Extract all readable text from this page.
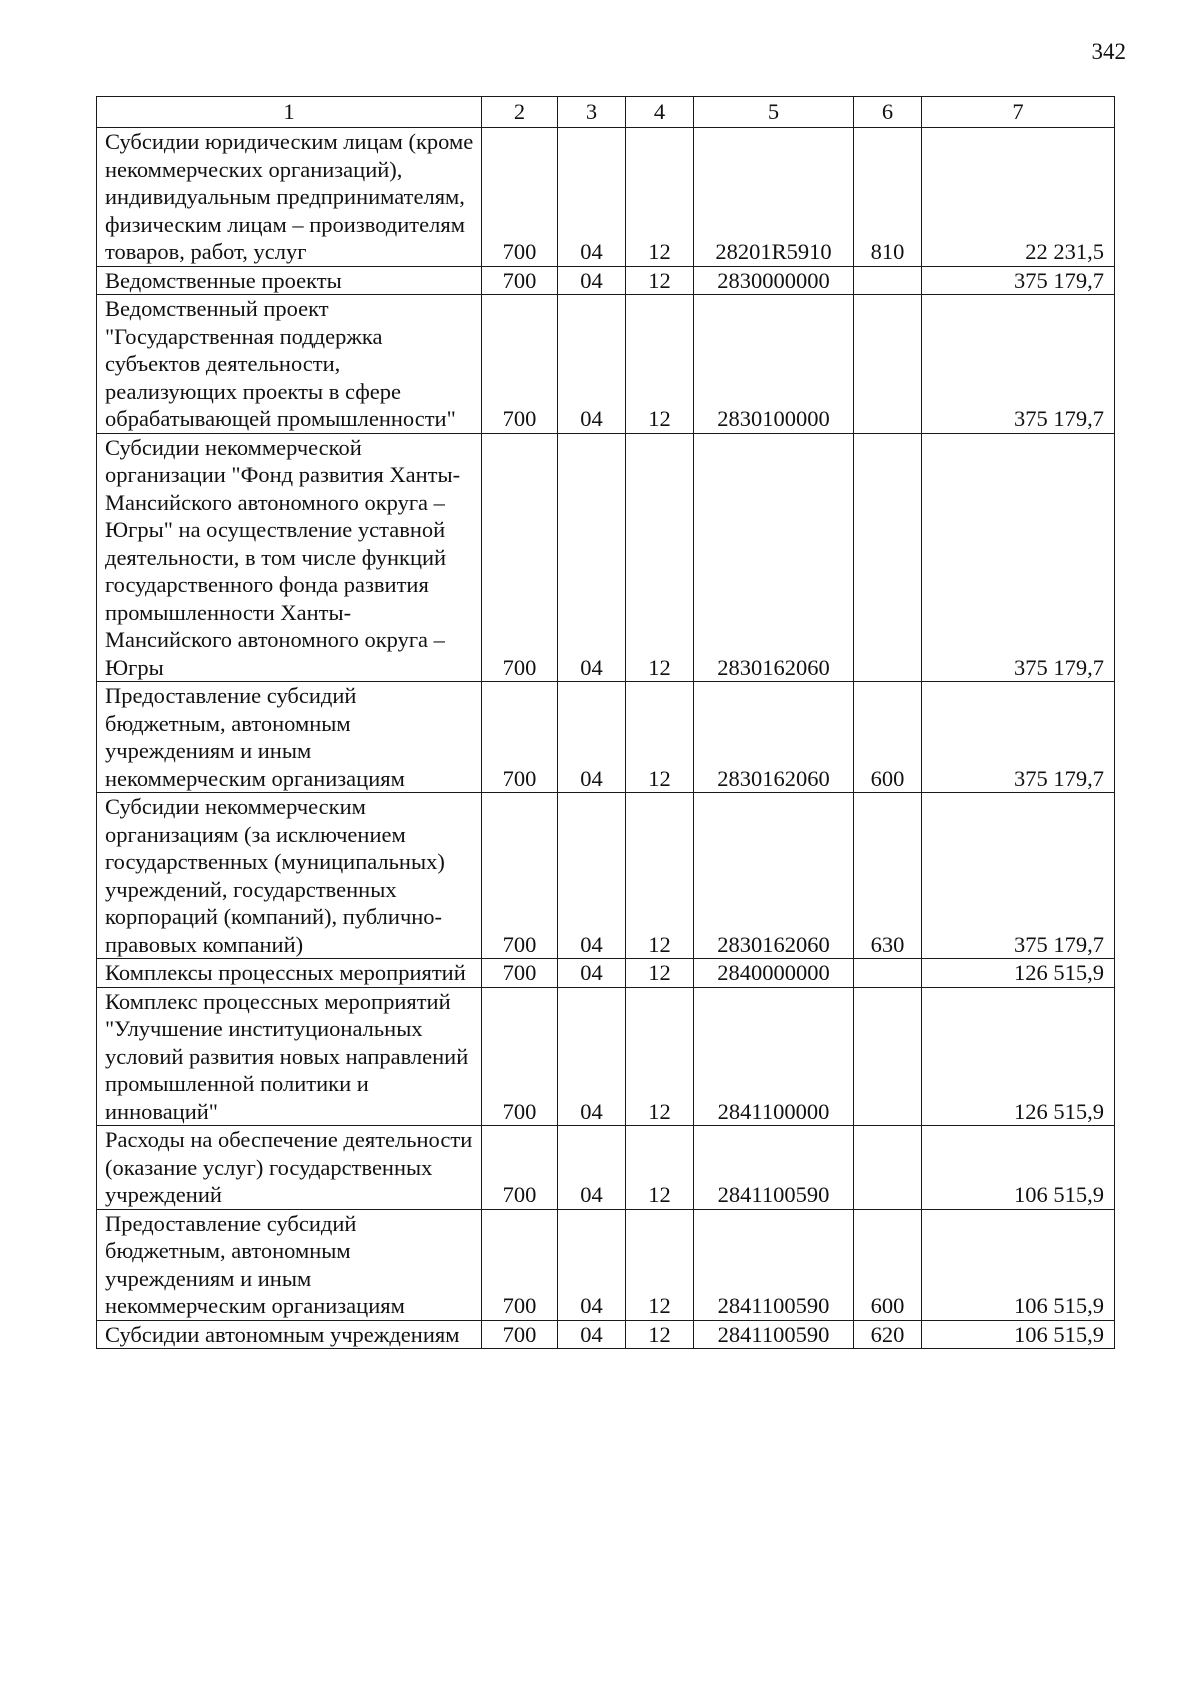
342
1	2	3	4	5	6	7
Субсидии юридическим лицам (кроме некоммерческих организаций), индивидуальным предпринимателям, физическим лицам – производителям товаров, работ, услуг	700	04	12	28201R5910	810	22 231,5
Ведомственные проекты	700	04	12	2830000000		375 179,7
Ведомственный проект "Государственная поддержка субъектов деятельности, реализующих проекты в сфере обрабатывающей промышленности"	700	04	12	2830100000		375 179,7
Субсидии некоммерческой организации "Фонд развития Ханты-Мансийского автономного округа – Югры" на осуществление уставной деятельности, в том числе функций государственного фонда развития промышленности Ханты-Мансийского автономного округа – Югры	700	04	12	2830162060		375 179,7
Предоставление субсидий бюджетным, автономным учреждениям и иным некоммерческим организациям	700	04	12	2830162060	600	375 179,7
Субсидии некоммерческим организациям (за исключением государственных (муниципальных) учреждений, государственных корпораций (компаний), публично-правовых компаний)	700	04	12	2830162060	630	375 179,7
Комплексы процессных мероприятий	700	04	12	2840000000		126 515,9
Комплекс процессных мероприятий "Улучшение институциональных условий развития новых направлений промышленной политики и инноваций"	700	04	12	2841100000		126 515,9
Расходы на обеспечение деятельности (оказание услуг) государственных учреждений	700	04	12	2841100590		106 515,9
Предоставление субсидий бюджетным, автономным учреждениям и иным некоммерческим организациям	700	04	12	2841100590	600	106 515,9
Субсидии автономным учреждениям	700	04	12	2841100590	620	106 515,9
